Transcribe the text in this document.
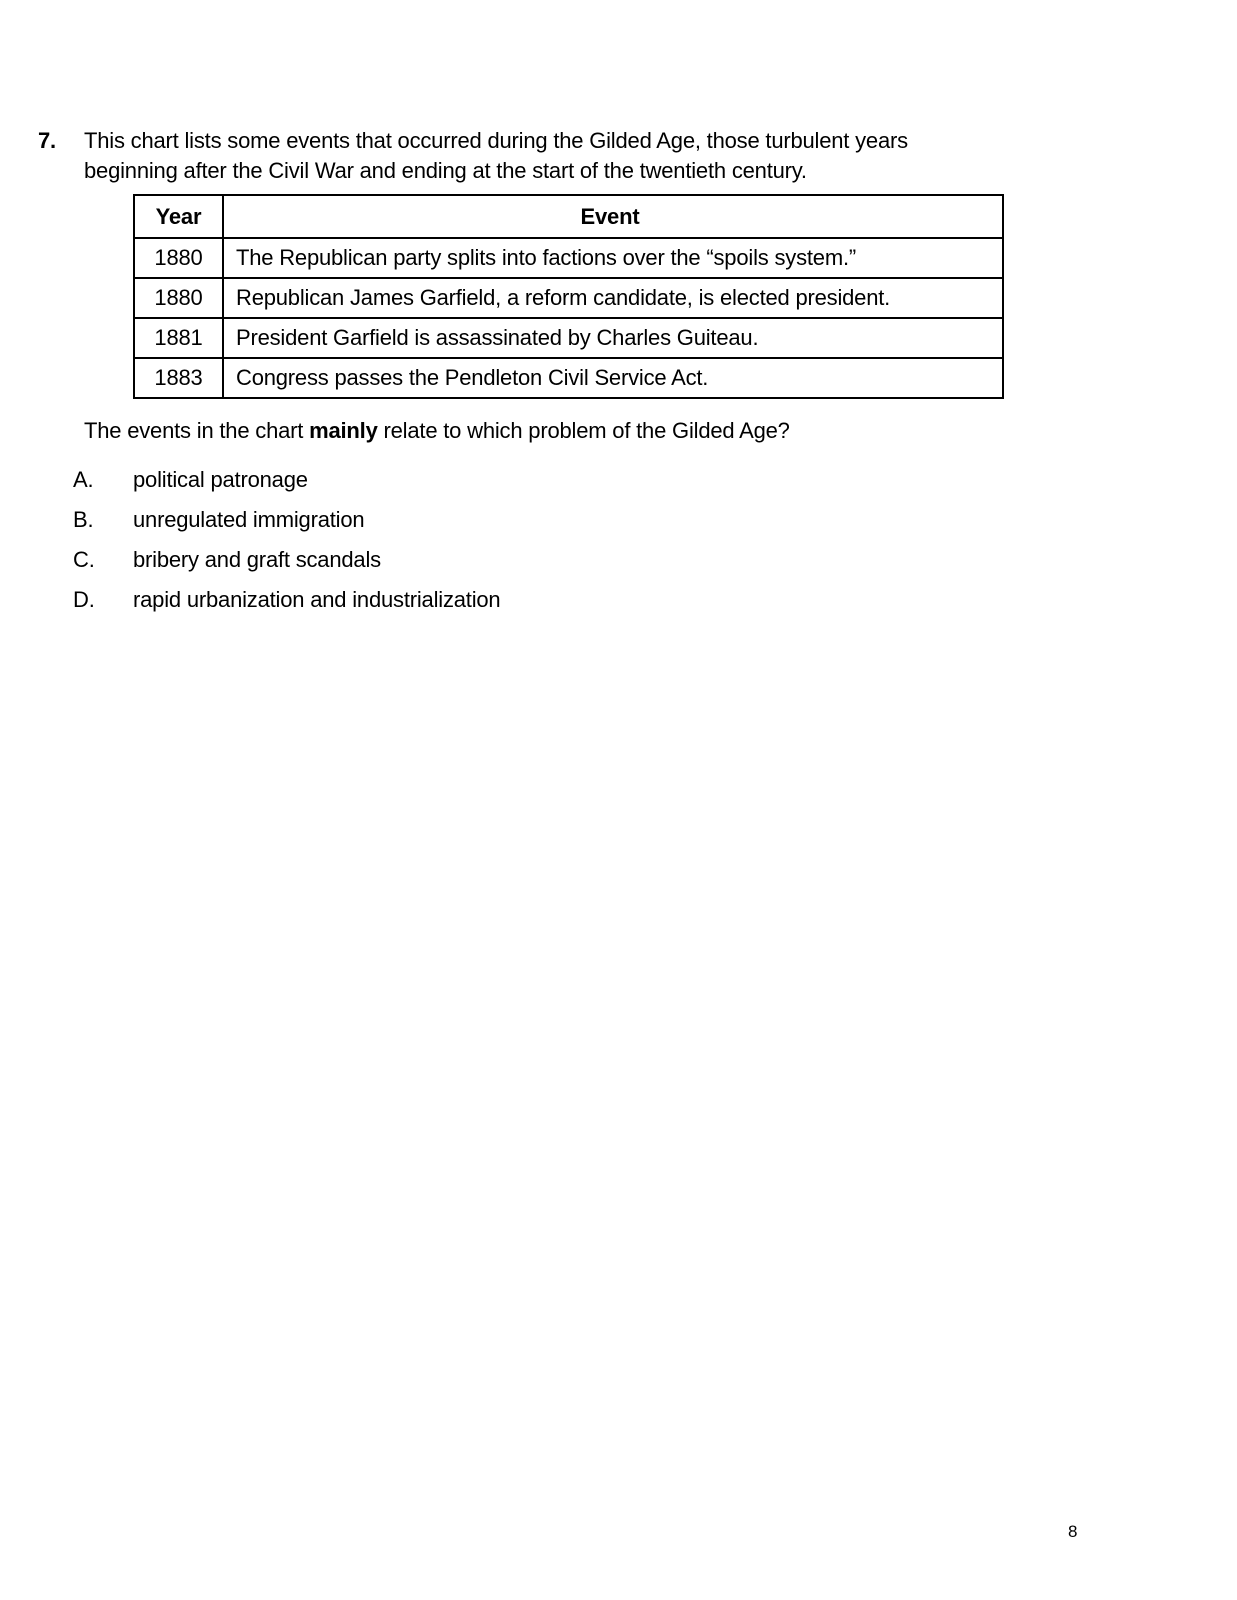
7.	This chart lists some events that occurred during the Gilded Age, those turbulent years beginning after the Civil War and ending at the start of the twentieth century.
Year	Event
1880	The Republican party splits into factions over the “spoils system.”
1880	Republican James Garfield, a reform candidate, is elected president.
1881	President Garfield is assassinated by Charles Guiteau.
1883	Congress passes the Pendleton Civil Service Act.
The events in the chart mainly relate to which problem of the Gilded Age?
A.	political patronage
B.	unregulated immigration
C.	bribery and graft scandals
D.	rapid urbanization and industrialization
8
